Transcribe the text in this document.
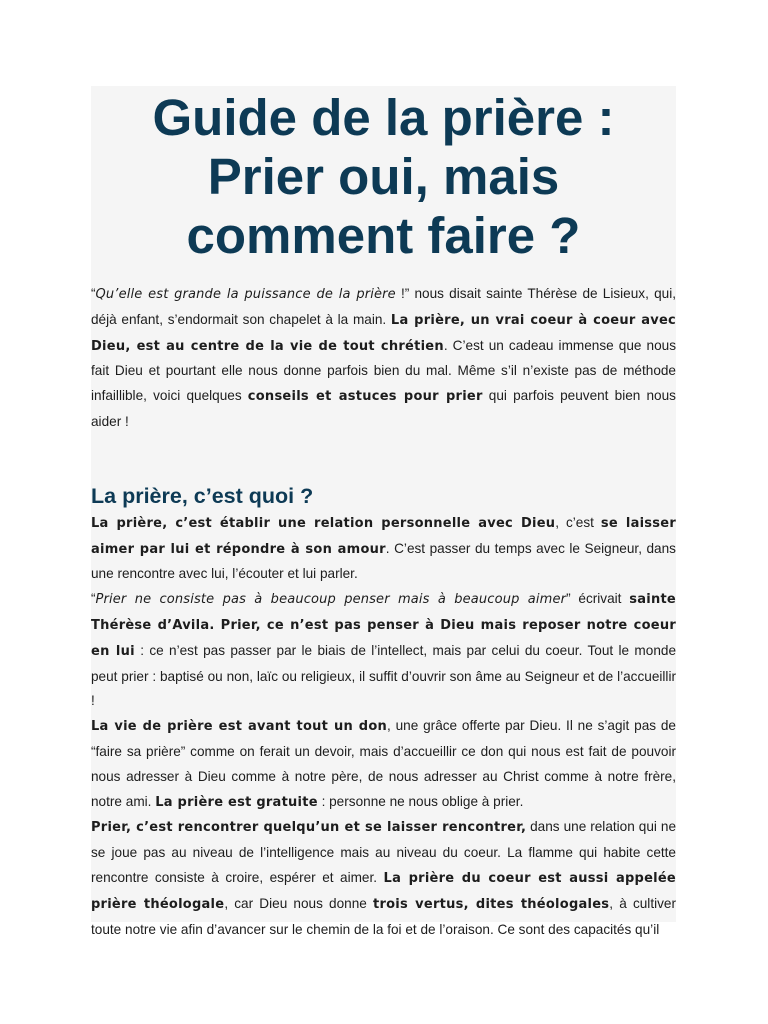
Guide de la prière :
Prier oui, mais
comment faire ?

“Qu’elle est grande la puissance de la prière !” nous disait sainte Thérèse de Lisieux, qui, déjà enfant, s’endormait son chapelet à la main. La prière, un vrai coeur à coeur avec Dieu, est au centre de la vie de tout chrétien. C’est un cadeau immense que nous fait Dieu et pourtant elle nous donne parfois bien du mal. Même s’il n’existe pas de méthode infaillible, voici quelques conseils et astuces pour prier qui parfois peuvent bien nous aider !

La prière, c’est quoi ?

La prière, c’est établir une relation personnelle avec Dieu, c’est se laisser aimer par lui et répondre à son amour. C’est passer du temps avec le Seigneur, dans une rencontre avec lui, l’écouter et lui parler.

“Prier ne consiste pas à beaucoup penser mais à beaucoup aimer” écrivait sainte Thérèse d’Avila. Prier, ce n’est pas penser à Dieu mais reposer notre coeur en lui : ce n’est pas passer par le biais de l’intellect, mais par celui du coeur. Tout le monde peut prier : baptisé ou non, laïc ou religieux, il suffit d’ouvrir son âme au Seigneur et de l’accueillir !

La vie de prière est avant tout un don, une grâce offerte par Dieu. Il ne s’agit pas de “faire sa prière” comme on ferait un devoir, mais d’accueillir ce don qui nous est fait de pouvoir nous adresser à Dieu comme à notre père, de nous adresser au Christ comme à notre frère, notre ami. La prière est gratuite : personne ne nous oblige à prier.

Prier, c’est rencontrer quelqu’un et se laisser rencontrer, dans une relation qui ne se joue pas au niveau de l’intelligence mais au niveau du coeur. La flamme qui habite cette rencontre consiste à croire, espérer et aimer. La prière du coeur est aussi appelée prière théologale, car Dieu nous donne trois vertus, dites théologales, à cultiver toute notre vie afin d’avancer sur le chemin de la foi et de l’oraison. Ce sont des capacités qu’il
